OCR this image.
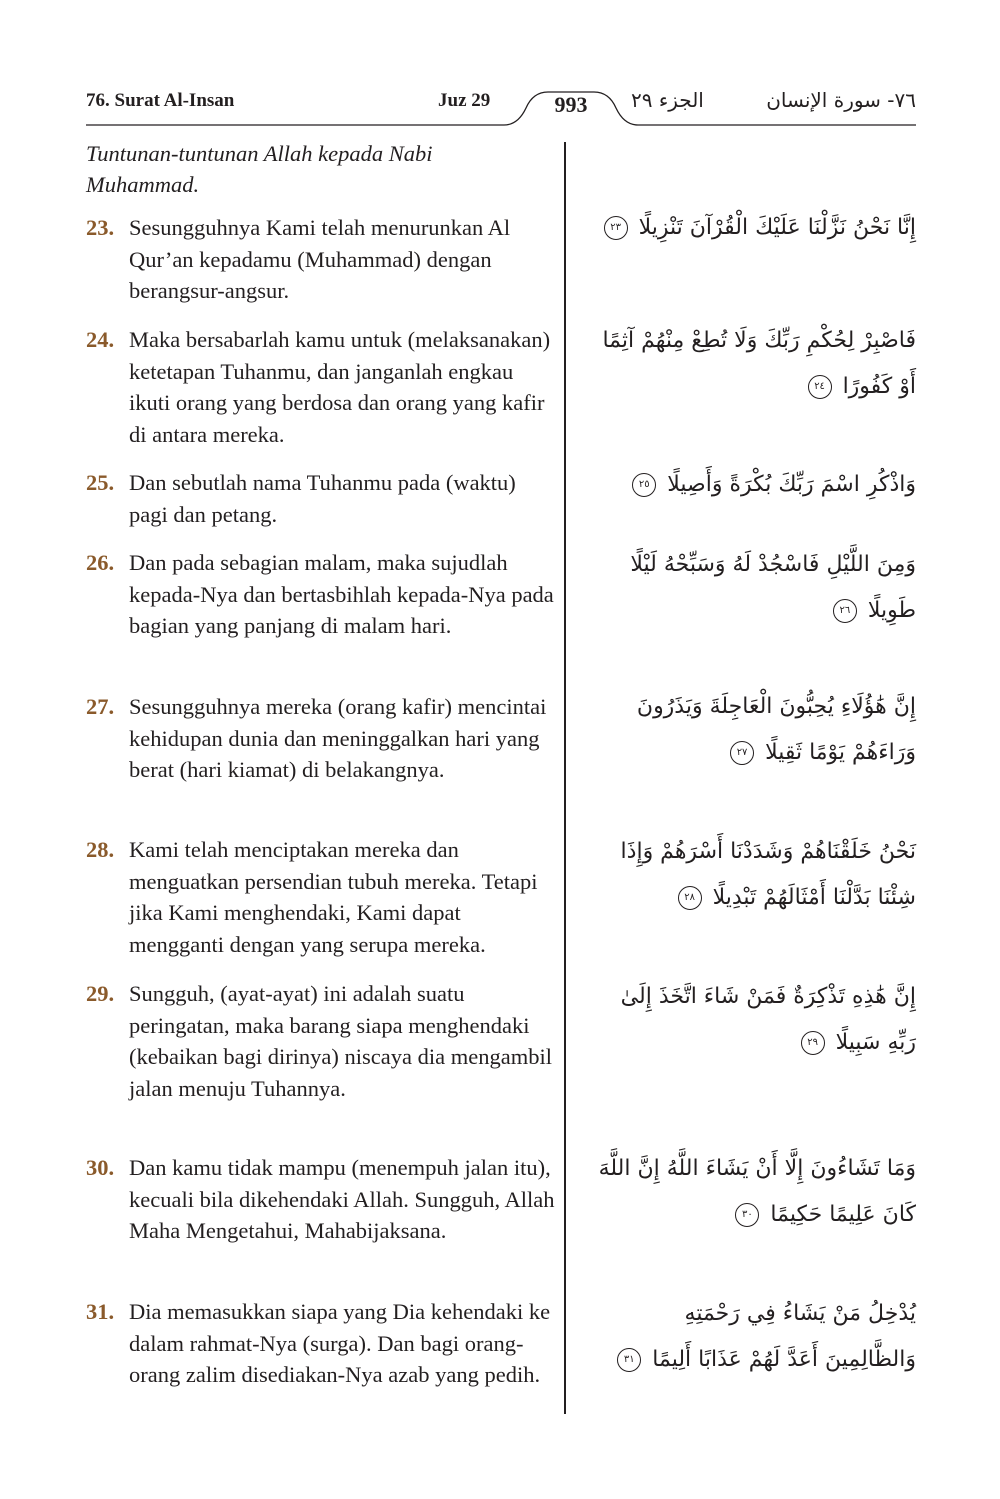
76. Surat Al-Insan	Juz 29	993	الجزء ٢٩	٧٦- سورة الإنسان
Tuntunan-tuntunan Allah kepada Nabi Muhammad.
23. Sesungguhnya Kami telah menurunkan Al Qur’an kepadamu (Muhammad) dengan berangsur-angsur.
إِنَّا نَحْنُ نَزَّلْنَا عَلَيْكَ الْقُرْآنَ تَنْزِيلًا ٢٣
24. Maka bersabarlah kamu untuk (melaksanakan) ketetapan Tuhanmu, dan janganlah engkau ikuti orang yang berdosa dan orang yang kafir di antara mereka.
فَاصْبِرْ لِحُكْمِ رَبِّكَ وَلَا تُطِعْ مِنْهُمْ آثِمًا أَوْ كَفُورًا ٢٤
25. Dan sebutlah nama Tuhanmu pada (waktu) pagi dan petang.
وَاذْكُرِ اسْمَ رَبِّكَ بُكْرَةً وَأَصِيلًا ٢٥
26. Dan pada sebagian malam, maka sujudlah kepada-Nya dan bertasbihlah kepada-Nya pada bagian yang panjang di malam hari.
وَمِنَ اللَّيْلِ فَاسْجُدْ لَهُ وَسَبِّحْهُ لَيْلًا طَوِيلًا ٢٦
27. Sesungguhnya mereka (orang kafir) mencintai kehidupan dunia dan meninggalkan hari yang berat (hari kiamat) di belakangnya.
إِنَّ هَٰؤُلَاءِ يُحِبُّونَ الْعَاجِلَةَ وَيَذَرُونَ وَرَاءَهُمْ يَوْمًا ثَقِيلًا ٢٧
28. Kami telah menciptakan mereka dan menguatkan persendian tubuh mereka. Tetapi jika Kami menghendaki, Kami dapat mengganti dengan yang serupa mereka.
نَحْنُ خَلَقْنَاهُمْ وَشَدَدْنَا أَسْرَهُمْ وَإِذَا شِئْنَا بَدَّلْنَا أَمْثَالَهُمْ تَبْدِيلًا ٢٨
29. Sungguh, (ayat-ayat) ini adalah suatu peringatan, maka barang siapa menghendaki (kebaikan bagi dirinya) niscaya dia mengambil jalan menuju Tuhannya.
إِنَّ هَٰذِهِ تَذْكِرَةٌ فَمَنْ شَاءَ اتَّخَذَ إِلَىٰ رَبِّهِ سَبِيلًا ٢٩
30. Dan kamu tidak mampu (menempuh jalan itu), kecuali bila dikehendaki Allah. Sungguh, Allah Maha Mengetahui, Mahabijaksana.
وَمَا تَشَاءُونَ إِلَّا أَنْ يَشَاءَ اللَّهُ إِنَّ اللَّهَ كَانَ عَلِيمًا حَكِيمًا ٣٠
31. Dia memasukkan siapa yang Dia kehendaki ke dalam rahmat-Nya (surga). Dan bagi orang-orang zalim disediakan-Nya azab yang pedih.
يُدْخِلُ مَنْ يَشَاءُ فِي رَحْمَتِهِ وَالظَّالِمِينَ أَعَدَّ لَهُمْ عَذَابًا أَلِيمًا ٣١
